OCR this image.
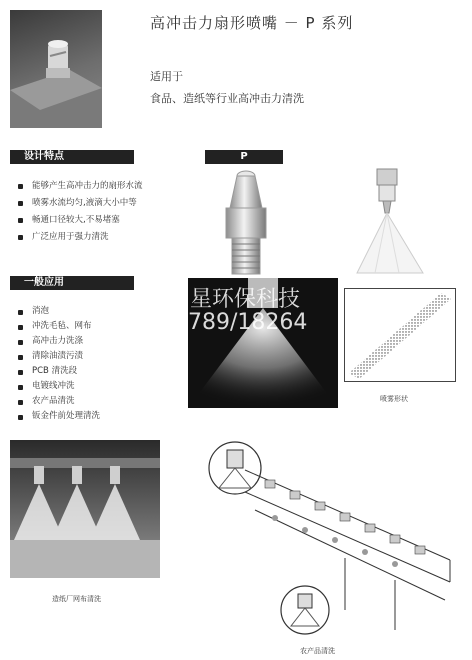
高冲击力扇形喷嘴 － P 系列
适用于
食品、造纸等行业高冲击力清洗
设计特点
能够产生高冲击力的扇形水流
喷雾水流均匀,液滴大小中等
畅通口径较大,不易堵塞
广泛应用于强力清洗
P
一般应用
消泡
冲洗毛毡、网布
高冲击力洗涤
清除油渍污渍
PCB 清洗段
电镀线冲洗
农产品清洗
钣金件前处理清洗
星环保科技
789/18264
喷雾形状
造纸厂网布清洗
农产品清洗
